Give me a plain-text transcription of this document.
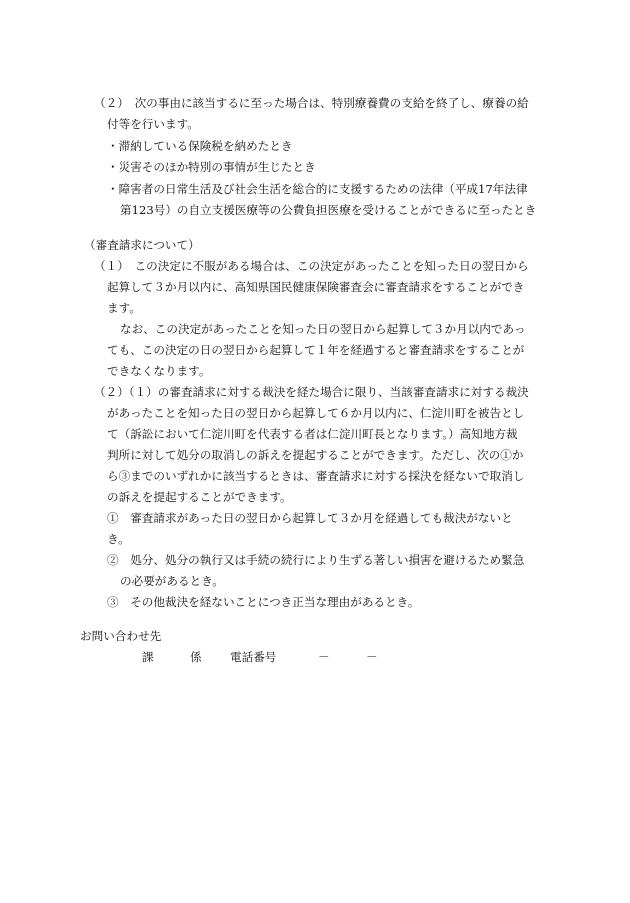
（２）　次の事由に該当するに至った場合は、特別療養費の支給を終了し、療養の給
付等を行います。
・滞納している保険税を納めたとき
・災害そのほか特別の事情が生じたとき
・障害者の日常生活及び社会生活を総合的に支援するための法律（平成17年法律
第123号）の自立支援医療等の公費負担医療を受けることができるに至ったとき
（審査請求について）
（１）　この決定に不服がある場合は、この決定があったことを知った日の翌日から
起算して３か月以内に、高知県国民健康保険審査会に審査請求をすることができ
ます。
なお、この決定があったことを知った日の翌日から起算して３か月以内であっ
ても、この決定の日の翌日から起算して１年を経過すると審査請求をすることが
できなくなります。
（２）（１）の審査請求に対する裁決を経た場合に限り、当該審査請求に対する裁決
があったことを知った日の翌日から起算して６か月以内に、仁淀川町を被告とし
て（訴訟において仁淀川町を代表する者は仁淀川町長となります。）高知地方裁
判所に対して処分の取消しの訴えを提起することができます。ただし、次の①か
ら③までのいずれかに該当するときは、審査請求に対する採決を経ないで取消し
の訴えを提起することができます。
①　審査請求があった日の翌日から起算して３か月を経過しても裁決がないと
き。
②　処分、処分の執行又は手続の続行により生ずる著しい損害を避けるため緊急
の必要があるとき。
③　その他裁決を経ないことにつき正当な理由があるとき。
お問い合わせ先
課	係 電話番号	－	－
